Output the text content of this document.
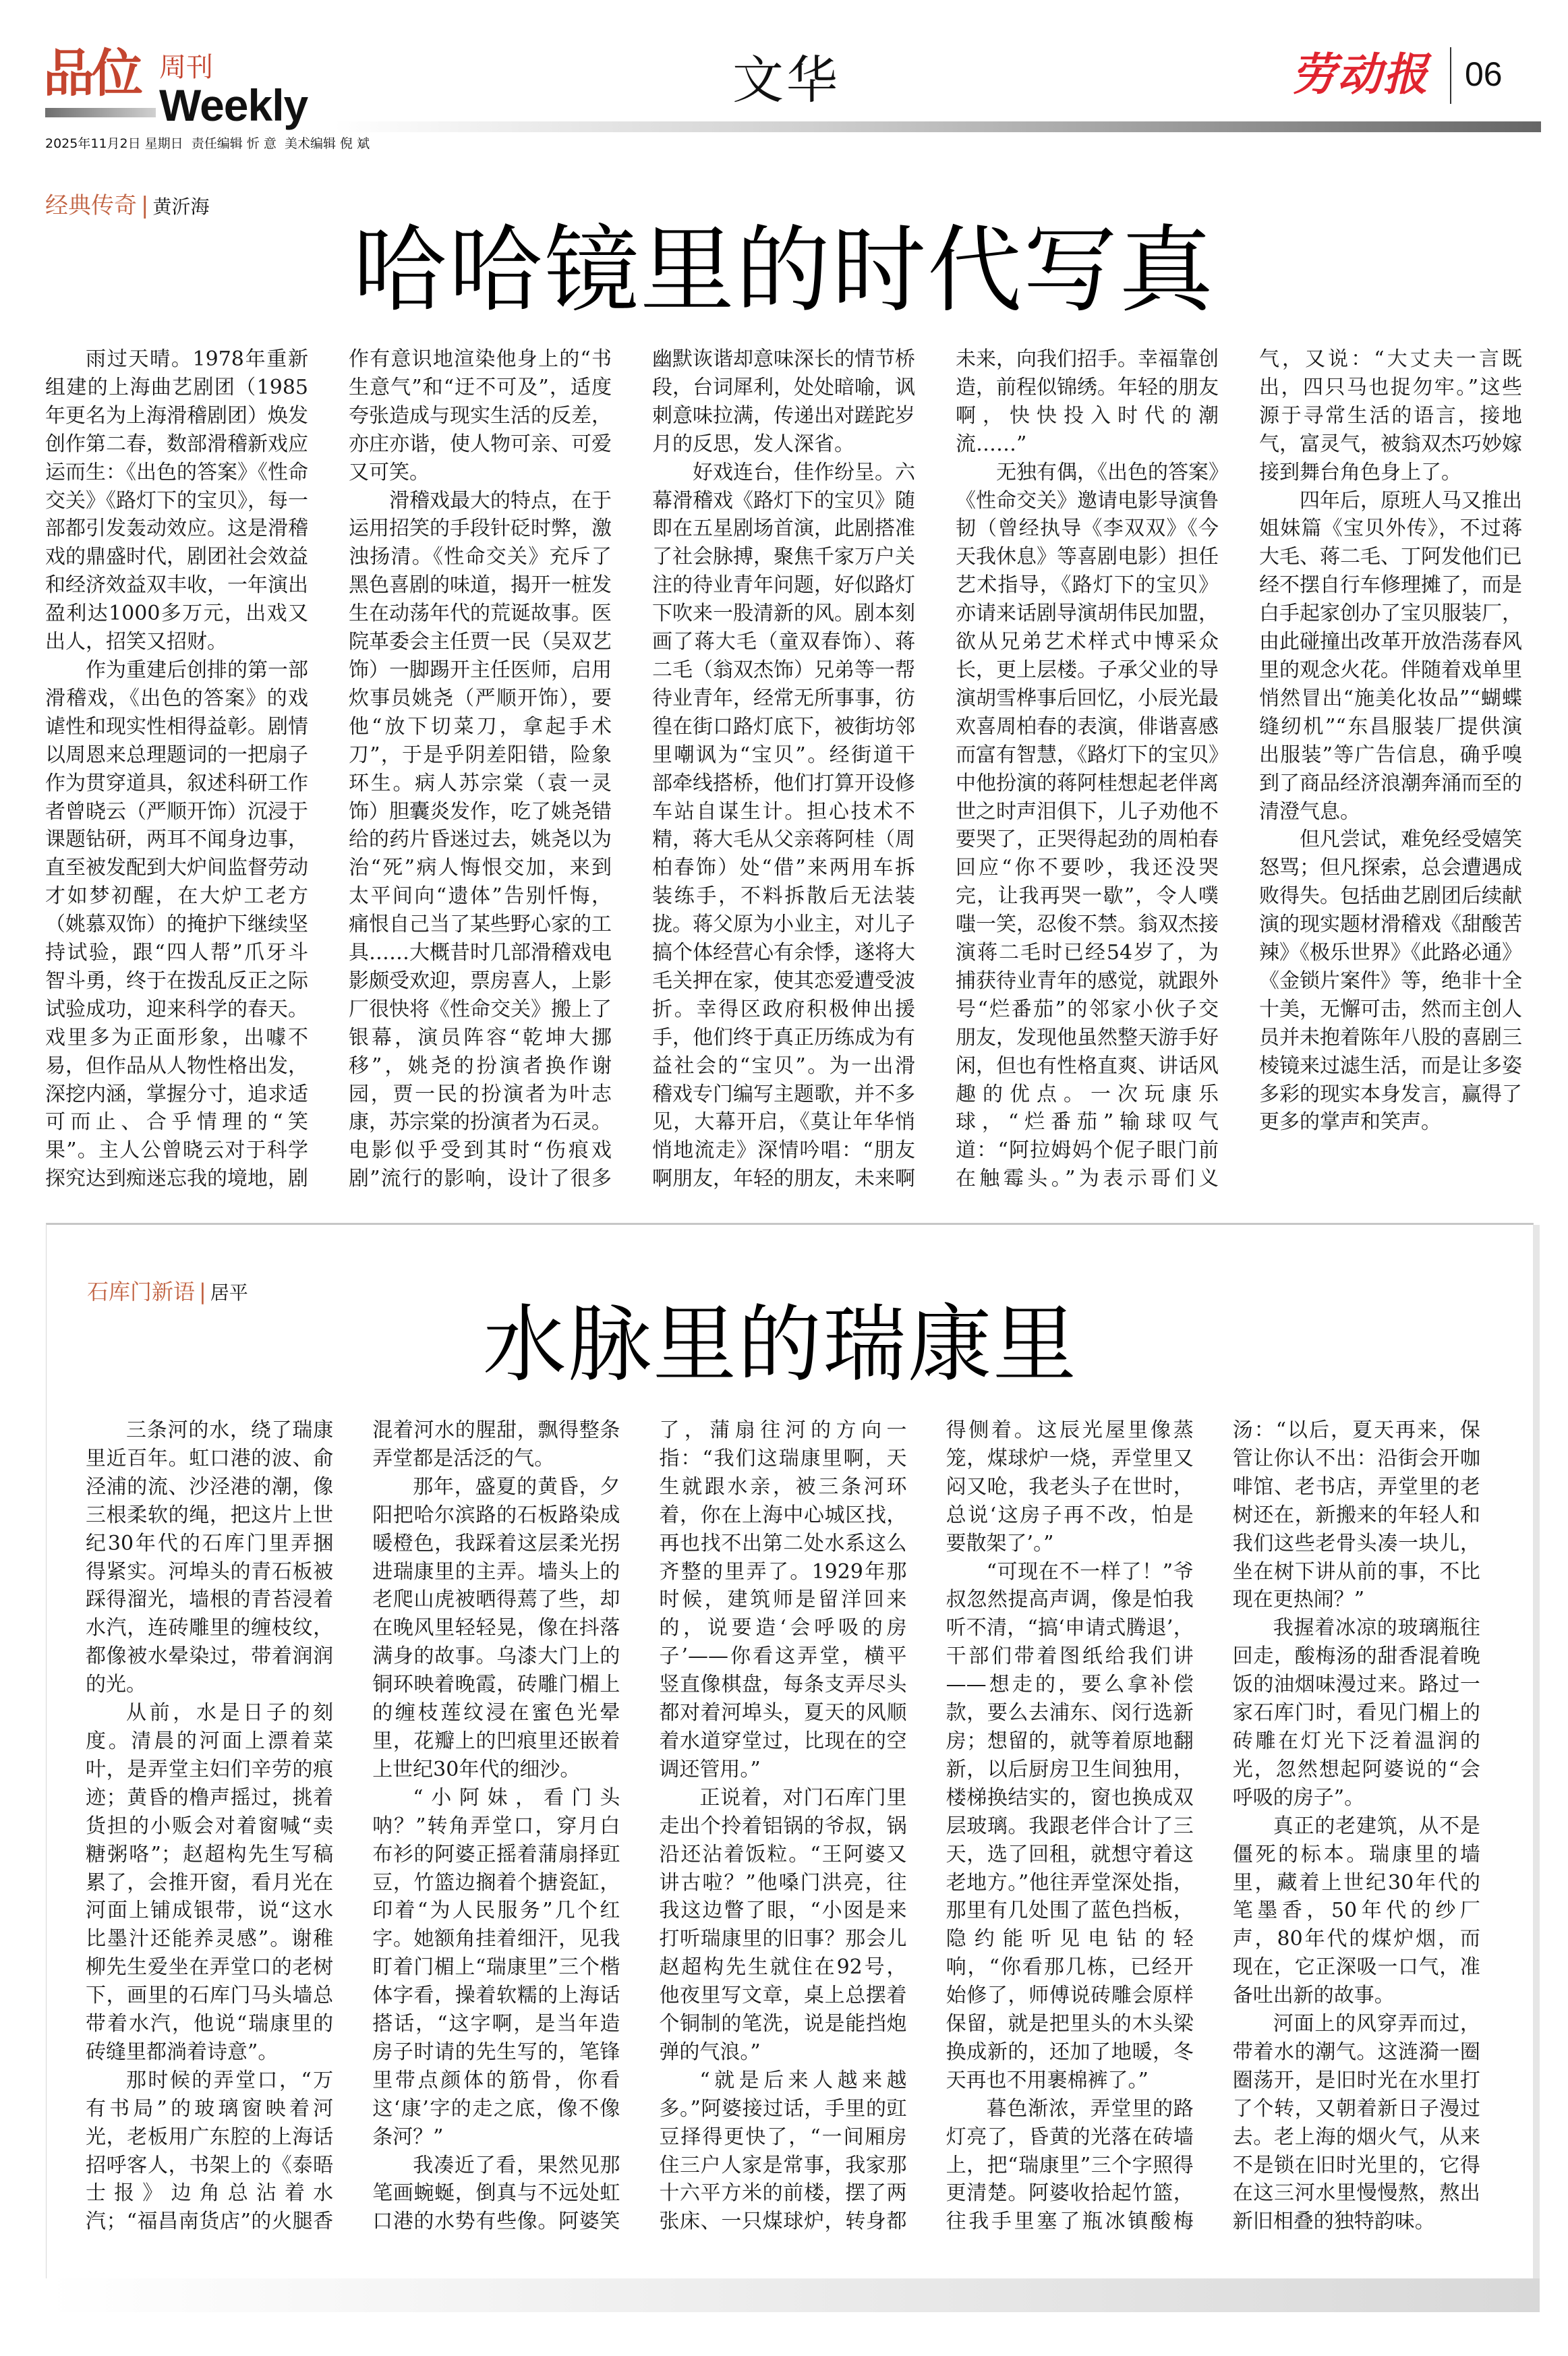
品位 周刊
Weekly
2025年11月2日 星期日 责任编辑 忻 意 美术编辑 倪 斌
文华	劳动报 06
经典传奇 | 黄沂海
哈哈镜里的时代写真

雨过天晴。1978年重新组建的上海曲艺剧团（1985年更名为上海滑稽剧团）焕发创作第二春，数部滑稽新戏应运而生：《出色的答案》《性命交关》《路灯下的宝贝》，每一部都引发轰动效应。这是滑稽戏的鼎盛时代，剧团社会效益和经济效益双丰收，一年演出盈利达1000多万元，出戏又出人，招笑又招财。

作为重建后创排的第一部滑稽戏，《出色的答案》的戏谑性和现实性相得益彰。剧情以周恩来总理题词的一把扇子作为贯穿道具，叙述科研工作者曾晓云（严顺开饰）沉浸于课题钻研，两耳不闻身边事，直至被发配到大炉间监督劳动才如梦初醒，在大炉工老方（姚慕双饰）的掩护下继续坚持试验，跟“四人帮”爪牙斗智斗勇，终于在拨乱反正之际试验成功，迎来科学的春天。戏里多为正面形象，出噱不易，但作品从人物性格出发，深挖内涵，掌握分寸，追求适可而止、合乎情理的“笑果”。主人公曾晓云对于科学探究达到痴迷忘我的境地，剧作有意识地渲染他身上的“书生意气”和“迂不可及”，适度夸张造成与现实生活的反差，亦庄亦谐，使人物可亲、可爱又可笑。

滑稽戏最大的特点，在于运用招笑的手段针砭时弊，激浊扬清。《性命交关》充斥了黑色喜剧的味道，揭开一桩发生在动荡年代的荒诞故事。医院革委会主任贾一民（吴双艺饰）一脚踢开主任医师，启用炊事员姚尧（严顺开饰），要他“放下切菜刀，拿起手术刀”，于是乎阴差阳错，险象环生。病人苏宗棠（袁一灵饰）胆囊炎发作，吃了姚尧错给的药片昏迷过去，姚尧以为治“死”病人悔恨交加，来到太平间向“遗体”告别忏悔，痛恨自己当了某些野心家的工具……大概昔时几部滑稽戏电影颇受欢迎，票房喜人，上影厂很快将《性命交关》搬上了银幕，演员阵容“乾坤大挪移”，姚尧的扮演者换作谢园，贾一民的扮演者为叶志康，苏宗棠的扮演者为石灵。电影似乎受到其时“伤痕戏剧”流行的影响，设计了很多幽默诙谐却意味深长的情节桥段，台词犀利，处处暗喻，讽刺意味拉满，传递出对蹉跎岁月的反思，发人深省。

好戏连台，佳作纷呈。六幕滑稽戏《路灯下的宝贝》随即在五星剧场首演，此剧搭准了社会脉搏，聚焦千家万户关注的待业青年问题，好似路灯下吹来一股清新的风。剧本刻画了蒋大毛（童双春饰）、蒋二毛（翁双杰饰）兄弟等一帮待业青年，经常无所事事，彷徨在街口路灯底下，被街坊邻里嘲讽为“宝贝”。经街道干部牵线搭桥，他们打算开设修车站自谋生计。担心技术不精，蒋大毛从父亲蒋阿桂（周柏春饰）处“借”来两用车拆装练手，不料拆散后无法装拢。蒋父原为小业主，对儿子搞个体经营心有余悸，遂将大毛关押在家，使其恋爱遭受波折。幸得区政府积极伸出援手，他们终于真正历练成为有益社会的“宝贝”。为一出滑稽戏专门编写主题歌，并不多见，大幕开启，《莫让年华悄悄地流走》深情吟唱：“朋友啊朋友，年轻的朋友，未来啊未来，向我们招手。幸福靠创造，前程似锦绣。年轻的朋友啊，快快投入时代的潮流……”

无独有偶，《出色的答案》《性命交关》邀请电影导演鲁韧（曾经执导《李双双》《今天我休息》等喜剧电影）担任艺术指导，《路灯下的宝贝》亦请来话剧导演胡伟民加盟，欲从兄弟艺术样式中博采众长，更上层楼。子承父业的导演胡雪桦事后回忆，小辰光最欢喜周柏春的表演，俳谐喜感而富有智慧，《路灯下的宝贝》中他扮演的蒋阿桂想起老伴离世之时声泪俱下，儿子劝他不要哭了，正哭得起劲的周柏春回应“你不要吵，我还没哭完，让我再哭一歇”，令人噗嗤一笑，忍俊不禁。翁双杰接演蒋二毛时已经54岁了，为捕获待业青年的感觉，就跟外号“烂番茄”的邻家小伙子交朋友，发现他虽然整天游手好闲，但也有性格直爽、讲话风趣的优点。一次玩康乐球，“烂番茄”输球叹气道：“阿拉姆妈个伲子眼门前在触霉头。”为表示哥们义气，又说：“大丈夫一言既出，四只马也捉勿牢。”这些源于寻常生活的语言，接地气，富灵气，被翁双杰巧妙嫁接到舞台角色身上了。

四年后，原班人马又推出姐妹篇《宝贝外传》，不过蒋大毛、蒋二毛、丁阿发他们已经不摆自行车修理摊了，而是白手起家创办了宝贝服装厂，由此碰撞出改革开放浩荡春风里的观念火花。伴随着戏单里悄然冒出“施美化妆品”“蝴蝶缝纫机”“东昌服装厂提供演出服装”等广告信息，确乎嗅到了商品经济浪潮奔涌而至的清澄气息。

但凡尝试，难免经受嬉笑怒骂；但凡探索，总会遭遇成败得失。包括曲艺剧团后续献演的现实题材滑稽戏《甜酸苦辣》《极乐世界》《此路必通》《金锁片案件》等，绝非十全十美，无懈可击，然而主创人员并未抱着陈年八股的喜剧三棱镜来过滤生活，而是让多姿多彩的现实本身发言，赢得了更多的掌声和笑声。

石库门新语 | 居平
水脉里的瑞康里

三条河的水，绕了瑞康里近百年。虹口港的波、俞泾浦的流、沙泾港的潮，像三根柔软的绳，把这片上世纪30年代的石库门里弄捆得紧实。河埠头的青石板被踩得溜光，墙根的青苔浸着水汽，连砖雕里的缠枝纹，都像被水晕染过，带着润润的光。

从前，水是日子的刻度。清晨的河面上漂着菜叶，是弄堂主妇们辛劳的痕迹；黄昏的橹声摇过，挑着货担的小贩会对着窗喊“卖糖粥咯”；赵超构先生写稿累了，会推开窗，看月光在河面上铺成银带，说“这水比墨汁还能养灵感”。谢稚柳先生爱坐在弄堂口的老树下，画里的石库门马头墙总带着水汽，他说“瑞康里的砖缝里都淌着诗意”。

那时候的弄堂口，“万有书局”的玻璃窗映着河光，老板用广东腔的上海话招呼客人，书架上的《泰晤士报》边角总沾着水汽；“福昌南货店”的火腿香混着河水的腥甜，飘得整条弄堂都是活泛的气。

那年，盛夏的黄昏，夕阳把哈尔滨路的石板路染成暖橙色，我踩着这层柔光拐进瑞康里的主弄。墙头上的老爬山虎被晒得蔫了些，却在晚风里轻轻晃，像在抖落满身的故事。乌漆大门上的铜环映着晚霞，砖雕门楣上的缠枝莲纹浸在蜜色光晕里，花瓣上的凹痕里还嵌着上世纪30年代的细沙。

“小阿妹，看门头呐？”转角弄堂口，穿月白布衫的阿婆正摇着蒲扇择豇豆，竹篮边搁着个搪瓷缸，印着“为人民服务”几个红字。她额角挂着细汗，见我盯着门楣上“瑞康里”三个楷体字看，操着软糯的上海话搭话，“这字啊，是当年造房子时请的先生写的，笔锋里带点颜体的筋骨，你看这‘康’字的走之底，像不像条河？”

我凑近了看，果然见那笔画蜿蜒，倒真与不远处虹口港的水势有些像。阿婆笑了，蒲扇往河的方向一指：“我们这瑞康里啊，天生就跟水亲，被三条河环着，你在上海中心城区找，再也找不出第二处水系这么齐整的里弄了。1929年那时候，建筑师是留洋回来的，说要造‘会呼吸的房子’——你看这弄堂，横平竖直像棋盘，每条支弄尽头都对着河埠头，夏天的风顺着水道穿堂过，比现在的空调还管用。”

正说着，对门石库门里走出个拎着铝锅的爷叔，锅沿还沾着饭粒。“王阿婆又讲古啦？”他嗓门洪亮，往我这边瞥了眼，“小囡是来打听瑞康里的旧事？那会儿赵超构先生就住在92号，他夜里写文章，桌上总摆着个铜制的笔洗，说是能挡炮弹的气浪。”

“就是后来人越来越多。”阿婆接过话，手里的豇豆择得更快了，“一间厢房住三户人家是常事，我家那十六平方米的前楼，摆了两张床、一只煤球炉，转身都得侧着。这辰光屋里像蒸笼，煤球炉一烧，弄堂里又闷又呛，我老头子在世时，总说‘这房子再不改，怕是要散架了’。”

“可现在不一样了！”爷叔忽然提高声调，像是怕我听不清，“搞‘申请式腾退’，干部们带着图纸给我们讲——想走的，要么拿补偿款，要么去浦东、闵行选新房；想留的，就等着原地翻新，以后厨房卫生间独用，楼梯换结实的，窗也换成双层玻璃。我跟老伴合计了三天，选了回租，就想守着这老地方。”他往弄堂深处指，那里有几处围了蓝色挡板，隐约能听见电钻的轻响，“你看那几栋，已经开始修了，师傅说砖雕会原样保留，就是把里头的木头梁换成新的，还加了地暖，冬天再也不用裹棉裤了。”

暮色渐浓，弄堂里的路灯亮了，昏黄的光落在砖墙上，把“瑞康里”三个字照得更清楚。阿婆收拾起竹篮，往我手里塞了瓶冰镇酸梅汤：“以后，夏天再来，保管让你认不出：沿街会开咖啡馆、老书店，弄堂里的老树还在，新搬来的年轻人和我们这些老骨头凑一块儿，坐在树下讲从前的事，不比现在更热闹？”

我握着冰凉的玻璃瓶往回走，酸梅汤的甜香混着晚饭的油烟味漫过来。路过一家石库门时，看见门楣上的砖雕在灯光下泛着温润的光，忽然想起阿婆说的“会呼吸的房子”。

真正的老建筑，从不是僵死的标本。瑞康里的墙里，藏着上世纪30年代的笔墨香，50年代的纱厂声，80年代的煤炉烟，而现在，它正深吸一口气，准备吐出新的故事。

河面上的风穿弄而过，带着水的潮气。这涟漪一圈圈荡开，是旧时光在水里打了个转，又朝着新日子漫过去。老上海的烟火气，从来不是锁在旧时光里的，它得在这三河水里慢慢熬，熬出新旧相叠的独特韵味。
